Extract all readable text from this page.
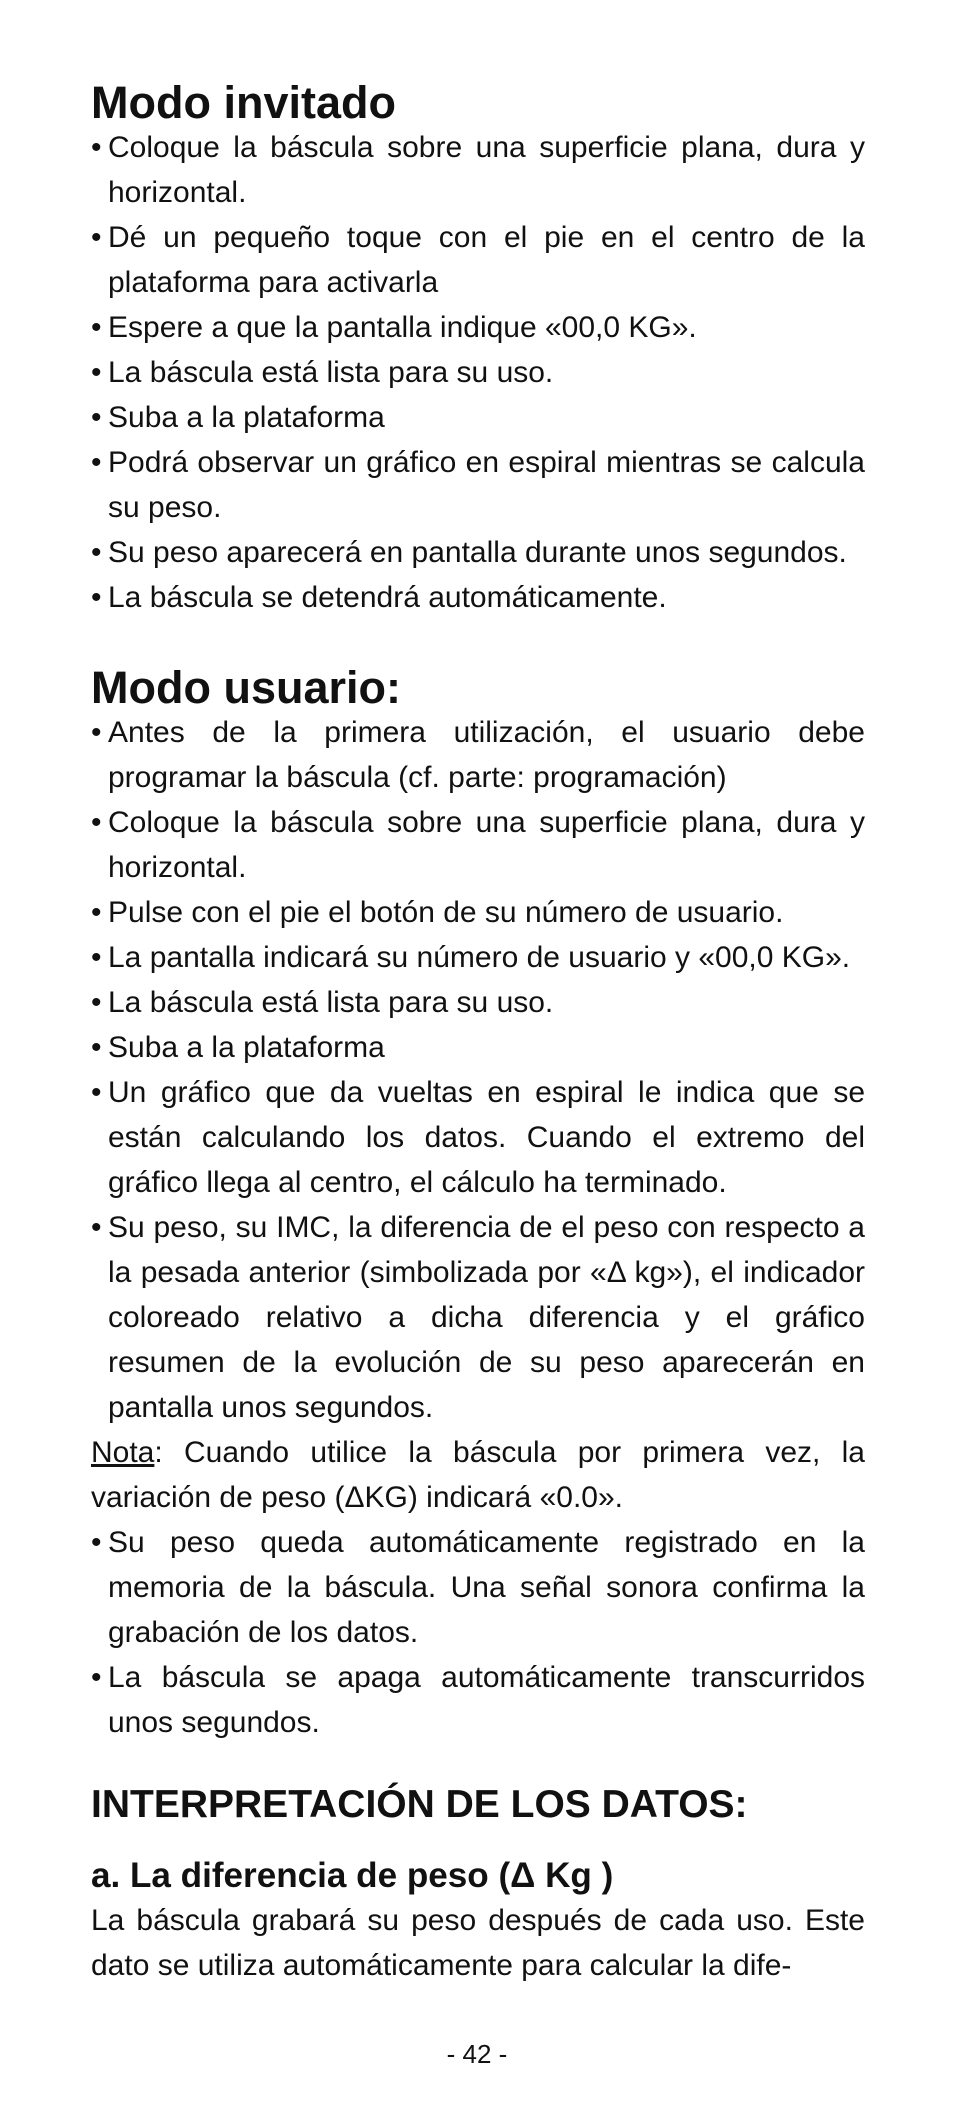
Modo invitado
• Coloque la báscula sobre una superficie plana, dura y horizontal.
• Dé un pequeño toque con el pie en el centro de la plataforma para activarla
• Espere a que la pantalla indique «00,0 KG».
• La báscula está lista para su uso.
• Suba a la plataforma
• Podrá observar un gráfico en espiral mientras se calcula su peso.
• Su peso aparecerá en pantalla durante unos segundos.
• La báscula se detendrá automáticamente.
Modo usuario:
• Antes de la primera utilización, el usuario debe programar la báscula (cf. parte: programación)
• Coloque la báscula sobre una superficie plana, dura y horizontal.
• Pulse con el pie el botón de su número de usuario.
• La pantalla indicará su número de usuario y «00,0 KG».
• La báscula está lista para su uso.
• Suba a la plataforma
• Un gráfico que da vueltas en espiral le indica que se están calculando los datos. Cuando el extremo del gráfico llega al centro, el cálculo ha terminado.
• Su peso, su IMC, la diferencia de el peso con respecto a la pesada anterior (simbolizada por «Δ kg»), el indicador coloreado relativo a dicha diferencia y el gráfico resumen de la evolución de su peso aparecerán en pantalla unos segundos.

Nota: Cuando utilice la báscula por primera vez, la variación de peso (ΔKG) indicará «0.0».

• Su peso queda automáticamente registrado en la memoria de la báscula. Una señal sonora confirma la grabación de los datos.
• La báscula se apaga automáticamente transcurridos unos segundos.
INTERPRETACIÓN DE LOS DATOS:
a. La diferencia de peso (Δ Kg )

La báscula grabará su peso después de cada uso. Este dato se utiliza automáticamente para calcular la dife-

- 42 -
